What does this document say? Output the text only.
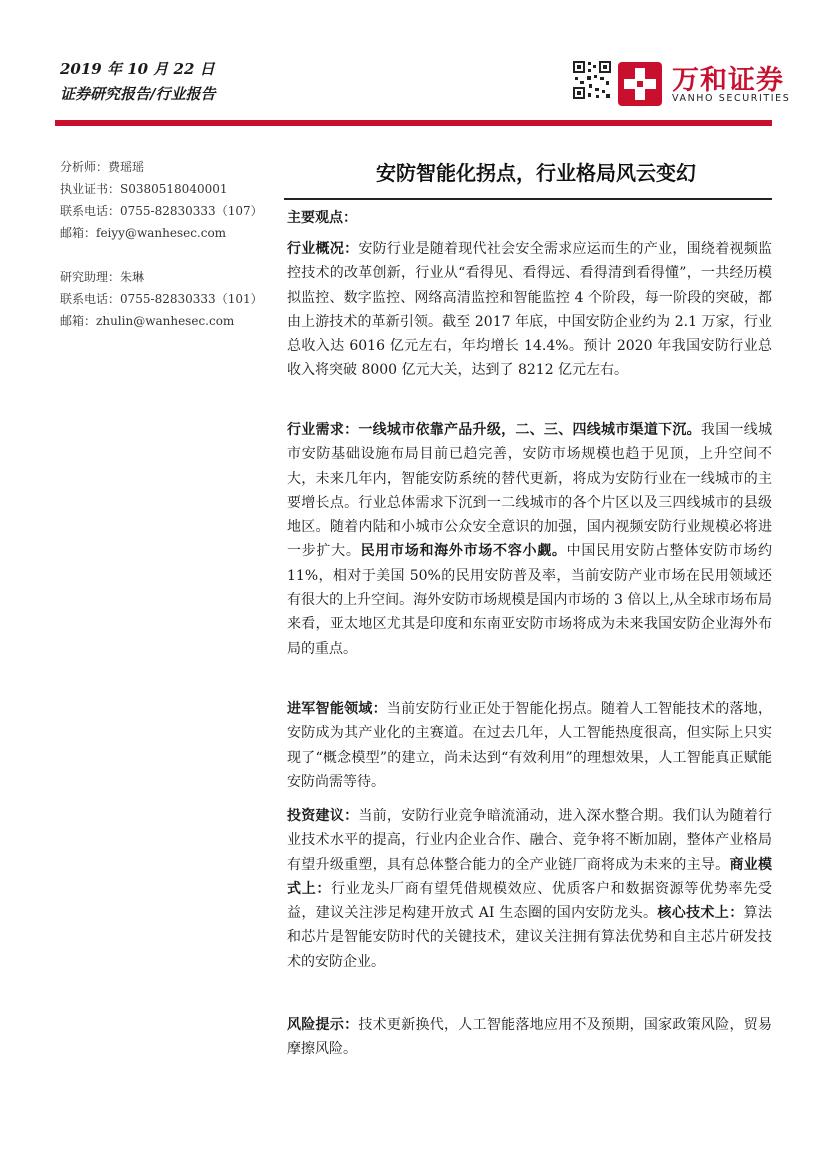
2019 年 10 月 22 日
证券研究报告/行业报告	万和证券
VANHO SECURITIES
分析师：费瑶瑶
执业证书：S0380518040001
联系电话：0755-82830333（107）
邮箱：feiyy@wanhesec.com
研究助理：朱琳
联系电话：0755-82830333（101）
邮箱：zhulin@wanhesec.com
安防智能化拐点，行业格局风云变幻
主要观点：
行业概况：安防行业是随着现代社会安全需求应运而生的产业，围绕着视频监控技术的改革创新，行业从“看得见、看得远、看得清到看得懂”，一共经历模拟监控、数字监控、网络高清监控和智能监控 4 个阶段，每一阶段的突破，都由上游技术的革新引领。截至 2017 年底，中国安防企业约为 2.1 万家，行业总收入达 6016 亿元左右，年均增长 14.4%。预计 2020 年我国安防行业总收入将突破 8000 亿元大关，达到了 8212 亿元左右。
行业需求：一线城市依靠产品升级，二、三、四线城市渠道下沉。我国一线城市安防基础设施布局目前已趋完善，安防市场规模也趋于见顶，上升空间不大，未来几年内，智能安防系统的替代更新，将成为安防行业在一线城市的主要增长点。行业总体需求下沉到一二线城市的各个片区以及三四线城市的县级地区。随着内陆和小城市公众安全意识的加强，国内视频安防行业规模必将进一步扩大。民用市场和海外市场不容小觑。中国民用安防占整体安防市场约 11%，相对于美国 50%的民用安防普及率，当前安防产业市场在民用领域还有很大的上升空间。海外安防市场规模是国内市场的 3 倍以上,从全球市场布局来看，亚太地区尤其是印度和东南亚安防市场将成为未来我国安防企业海外布局的重点。
进军智能领域：当前安防行业正处于智能化拐点。随着人工智能技术的落地，安防成为其产业化的主赛道。在过去几年，人工智能热度很高，但实际上只实现了“概念模型”的建立，尚未达到“有效利用”的理想效果，人工智能真正赋能安防尚需等待。
投资建议：当前，安防行业竞争暗流涌动，进入深水整合期。我们认为随着行业技术水平的提高，行业内企业合作、融合、竞争将不断加剧，整体产业格局有望升级重塑，具有总体整合能力的全产业链厂商将成为未来的主导。商业模式上：行业龙头厂商有望凭借规模效应、优质客户和数据资源等优势率先受益，建议关注涉足构建开放式 AI 生态圈的国内安防龙头。核心技术上：算法和芯片是智能安防时代的关键技术，建议关注拥有算法优势和自主芯片研发技术的安防企业。
风险提示：技术更新换代，人工智能落地应用不及预期，国家政策风险，贸易摩擦风险。
